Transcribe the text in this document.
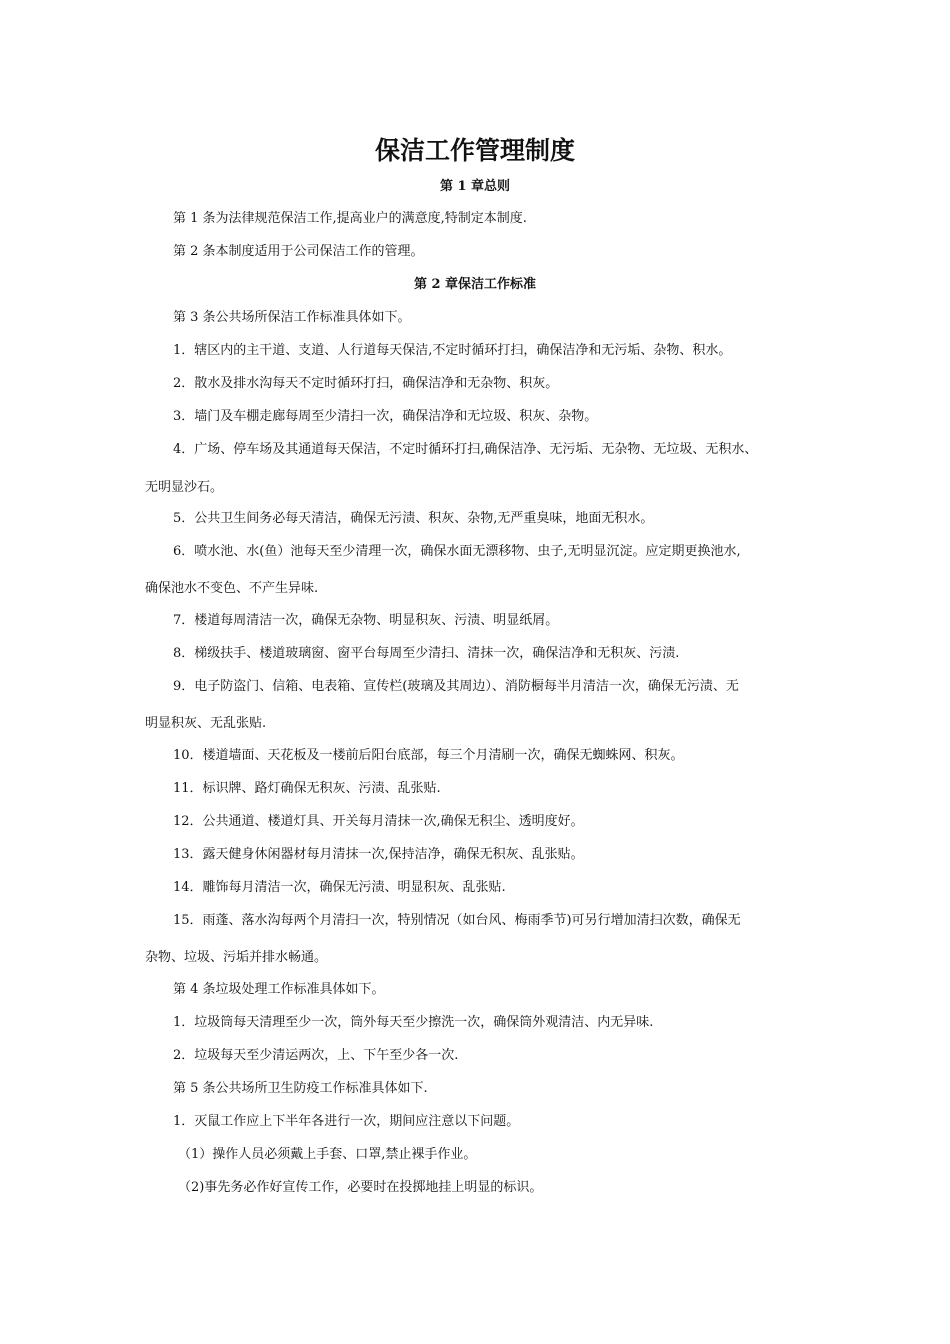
保洁工作管理制度
第 1 章总则
第 1 条为法律规范保洁工作,提高业户的满意度,特制定本制度.
第 2 条本制度适用于公司保洁工作的管理。
第 2 章保洁工作标准
第 3 条公共场所保洁工作标准具体如下。
1．辖区内的主干道、支道、人行道每天保洁,不定时循环打扫，确保洁净和无污垢、杂物、积水。
2．散水及排水沟每天不定时循环打扫，确保洁净和无杂物、积灰。
3．墙门及车棚走廊每周至少清扫一次，确保洁净和无垃圾、积灰、杂物。
4．广场、停车场及其通道每天保洁，不定时循环打扫,确保洁净、无污垢、无杂物、无垃圾、无积水、
无明显沙石。
5．公共卫生间务必每天清洁，确保无污渍、积灰、杂物,无严重臭味，地面无积水。
6．喷水池、水(鱼）池每天至少清理一次，确保水面无漂移物、虫子,无明显沉淀。应定期更换池水,
确保池水不变色、不产生异味.
7．楼道每周清洁一次，确保无杂物、明显积灰、污渍、明显纸屑。
8．梯级扶手、楼道玻璃窗、窗平台每周至少清扫、清抹一次，确保洁净和无积灰、污渍.
9．电子防盗门、信箱、电表箱、宣传栏(玻璃及其周边）、消防橱每半月清洁一次，确保无污渍、无
明显积灰、无乱张贴.
10．楼道墙面、天花板及一楼前后阳台底部，每三个月清刷一次，确保无蜘蛛网、积灰。
11．标识牌、路灯确保无积灰、污渍、乱张贴.
12．公共通道、楼道灯具、开关每月清抹一次,确保无积尘、透明度好。
13．露天健身休闲器材每月清抹一次,保持洁净，确保无积灰、乱张贴。
14．雕饰每月清洁一次，确保无污渍、明显积灰、乱张贴.
15．雨蓬、落水沟每两个月清扫一次，特别情况（如台风、梅雨季节)可另行增加清扫次数，确保无
杂物、垃圾、污垢并排水畅通。
第 4 条垃圾处理工作标准具体如下。
1．垃圾筒每天清理至少一次，筒外每天至少擦洗一次，确保筒外观清洁、内无异味.
2．垃圾每天至少清运两次，上、下午至少各一次.
第 5 条公共场所卫生防疫工作标准具体如下.
1．灭鼠工作应上下半年各进行一次，期间应注意以下问题。
（1）操作人员必须戴上手套、口罩,禁止裸手作业。
（2)事先务必作好宣传工作，必要时在投掷地挂上明显的标识。
